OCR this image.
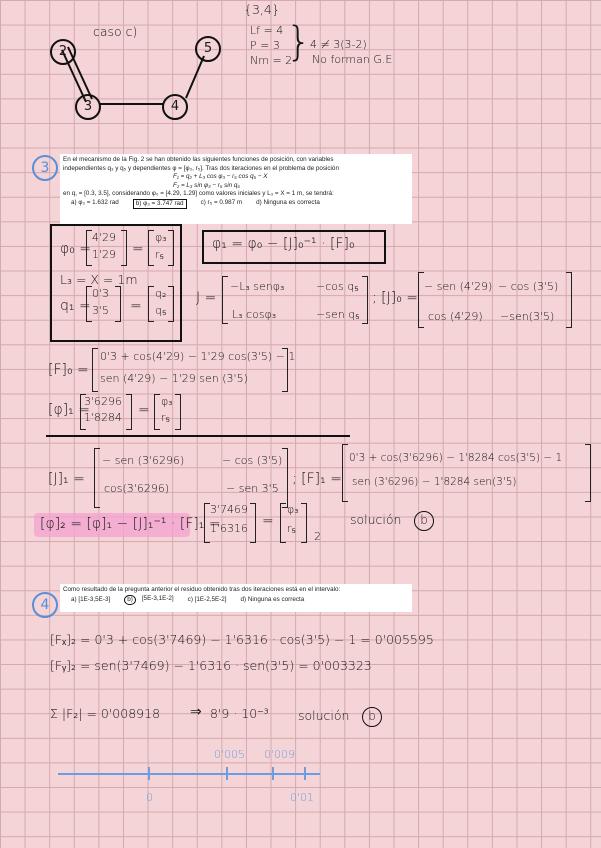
caso c)
{3,4}
2	5
3	4
Lf = 4
P = 3
Nm = 2
}
4 ≠ 3(3-2)
No forman G.E
3
En el mecanismo de la Fig. 2 se han obtenido las siguientes funciones de posición, con variables
independientes q₃ y q₅ y dependientes φ = [φ₃, r₅]. Tras dos iteraciones en el problema de posición
F₁ = q₂ + L₃ cos φ₃ − r₅ cos q₅ − X
F₂ = L₃ sin φ₃ − r₅ sin q₅
en q, = [0.3, 3.5], considerando φ₀ = [4.29, 1.29] como valores iniciales y L₃ = X = 1 m, se tendrá:
a) φ₃ = 1.632 rad	b) φ₃ = 3.747 rad	c) r₅ = 0.987 m d) Ninguna es correcta
φ₀ =
4'29
1'29 =
φ₃
r₅
L₃ = X = 1m
q₁ =
0'3
3'5 =
q₂
q₅
φ₁ = φ₀ − [J]₀⁻¹ · [F]₀
J =
−L₃ senφ₃	−cos q₅
L₃ cosφ₃	−sen q₅
; [J]₀ =
− sen (4'29) − cos (3'5)
cos (4'29) −sen(3'5)
[F]₀ =
0'3 + cos(4'29) − 1'29 cos(3'5) − 1
sen (4'29) − 1'29 sen (3'5)
[φ]₁ =
3'6296
1'8284 =
φ₃
r₅
[J]₁ =
− sen (3'6296)	− cos (3'5)
cos(3'6296)	− sen 3'5
; [F]₁ =
0'3 + cos(3'6296) − 1'8284 cos(3'5) − 1
sen (3'6296) − 1'8284 sen(3'5)
[φ]₂ = [φ]₁ − [J]₁⁻¹ · [F]₁ =
3'7469
1'6316 =
φ₃
r₅
2
solución	b
4
Como resultado de la pregunta anterior el residuo obtenido tras dos iteraciones está en el intervalo:
a) [1E-3,5E-3]	b)	[5E-3,1E-2] c) [1E-2,5E-2] d) Ninguna es correcta
[Fₓ]₂ = 0'3 + cos(3'7469) − 1'6316 · cos(3'5) − 1 = 0'005595
[Fᵧ]₂ = sen(3'7469) − 1'6316 · sen(3'5) = 0'003323
Σ |F₂| = 0'008918 ⇒ 8'9 · 10⁻³ solución	b
0'005 0'009
0	0'01
